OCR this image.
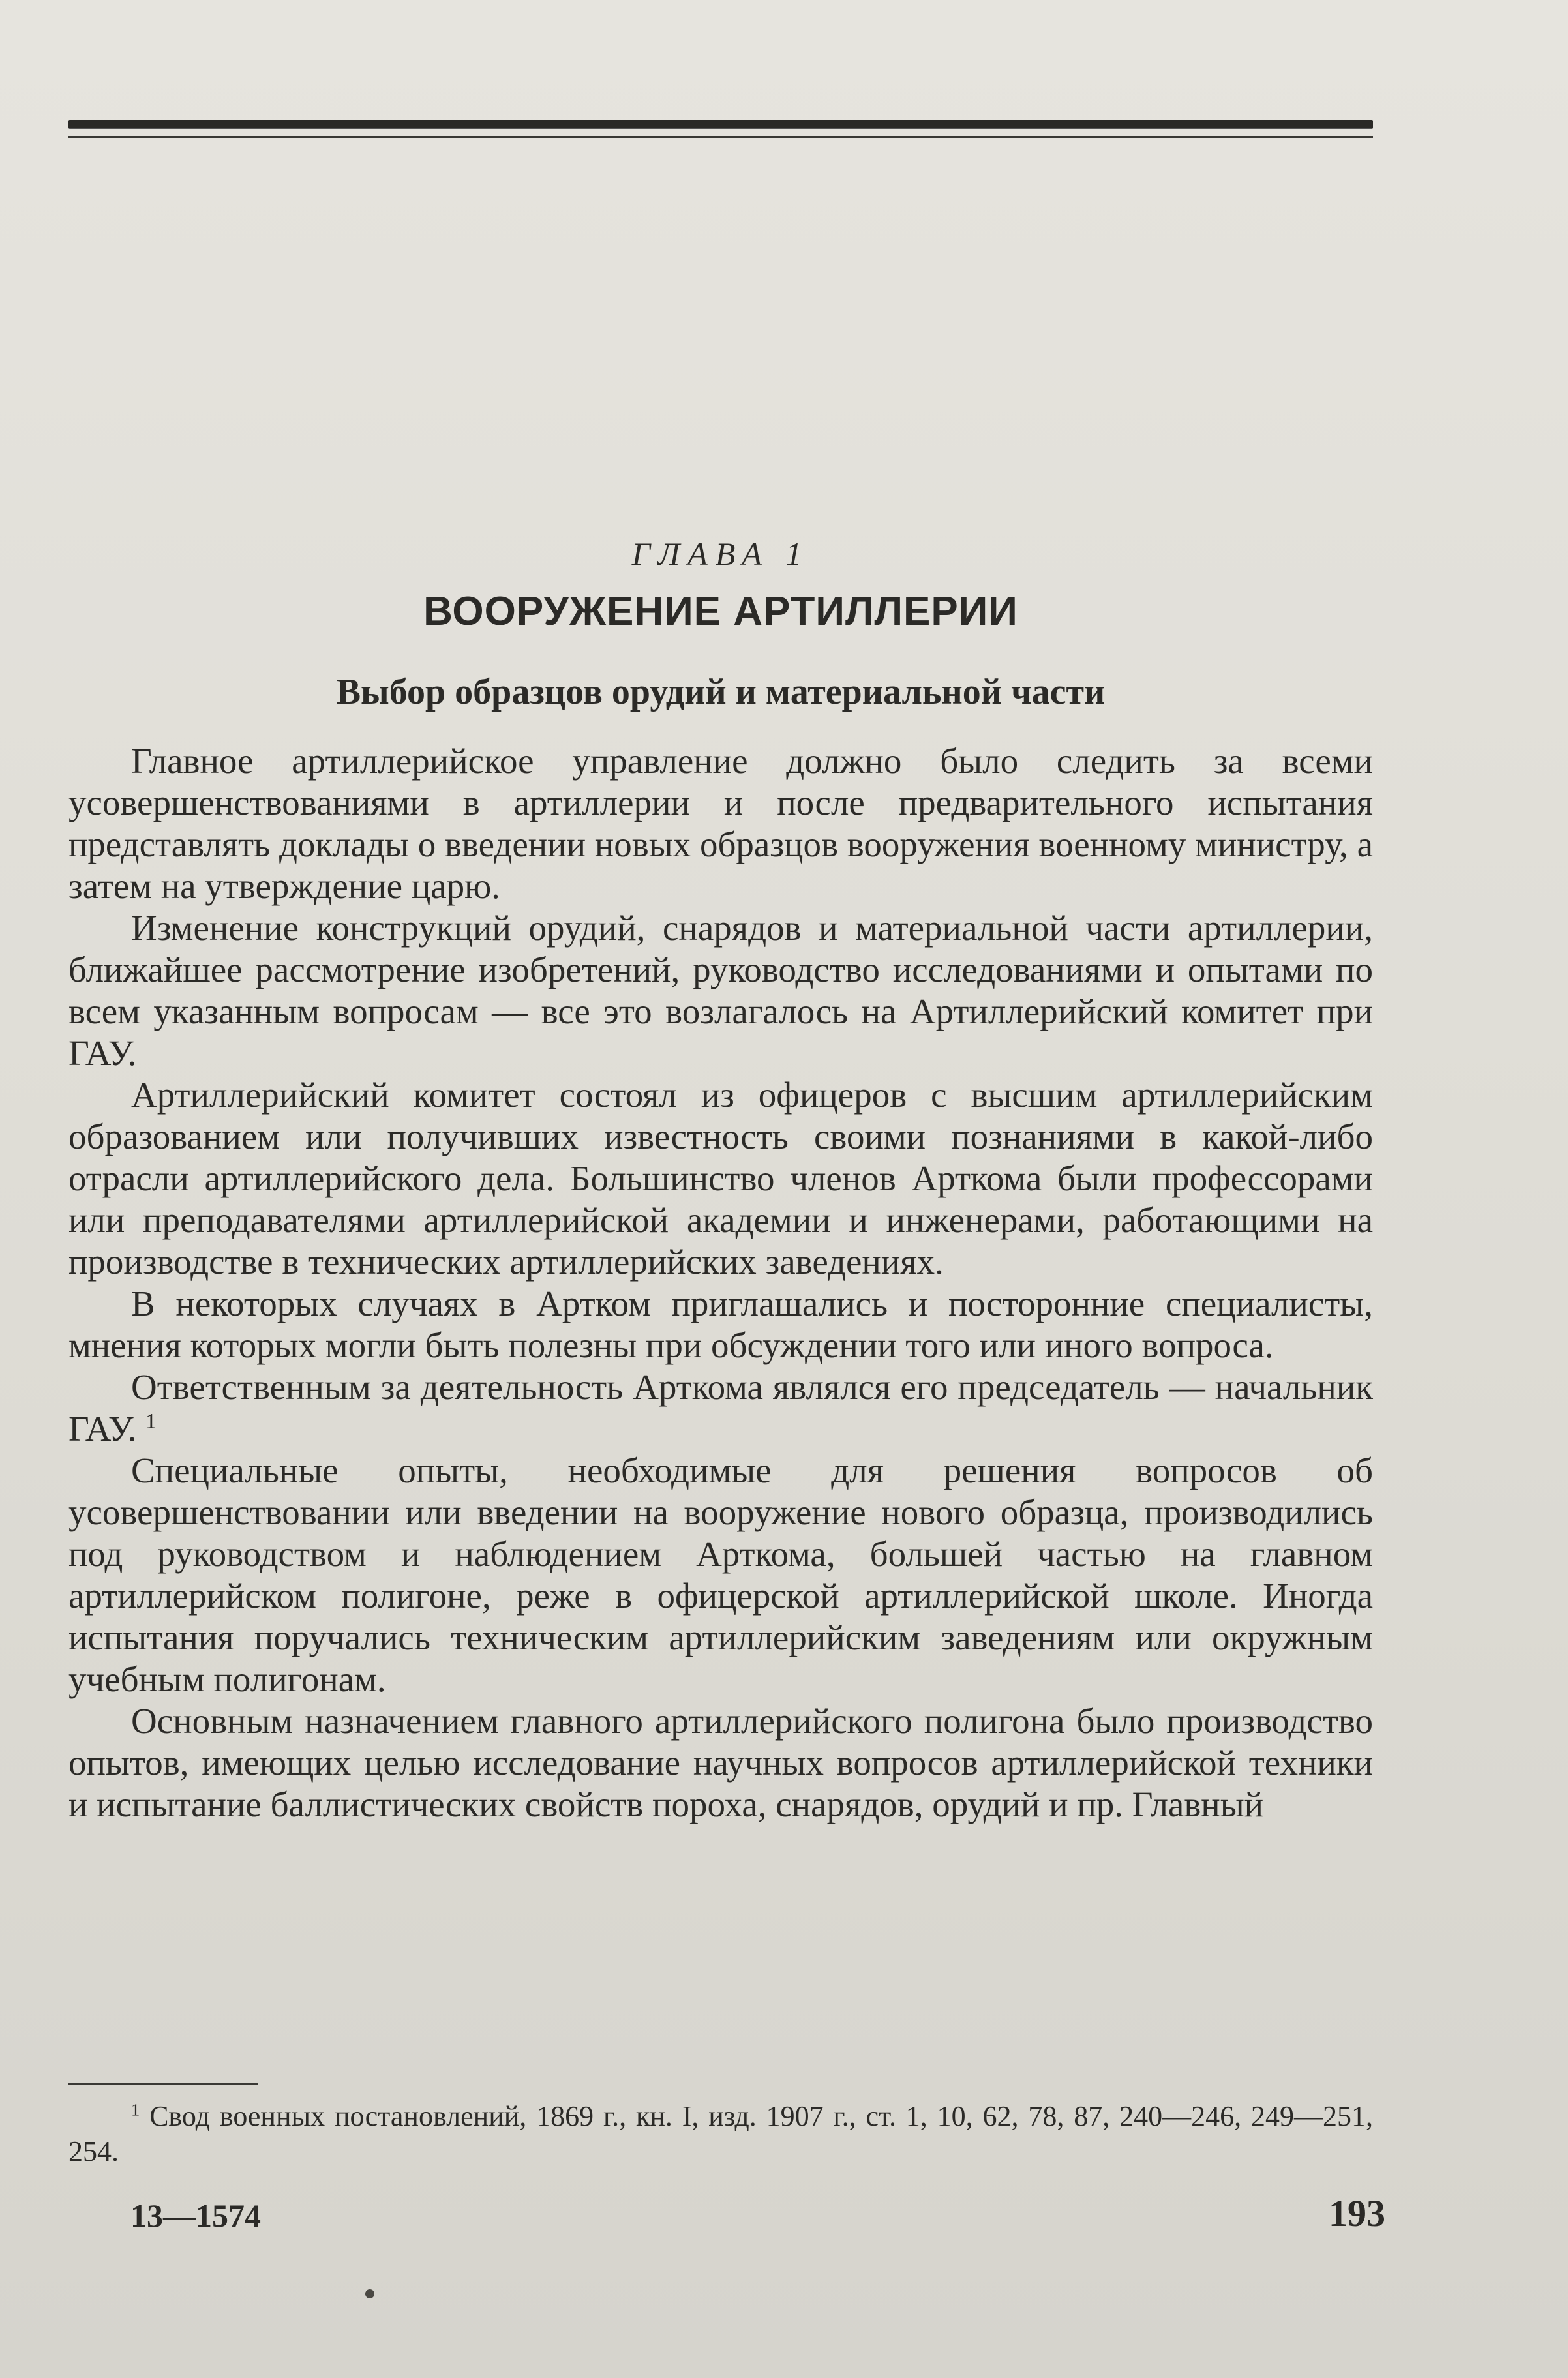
ГЛАВА 1
ВООРУЖЕНИЕ АРТИЛЛЕРИИ
Выбор образцов орудий и материальной части

Главное артиллерийское управление должно было следить за всеми усовершенствованиями в артиллерии и после предварительного испытания представлять доклады о введении новых образцов вооружения военному министру, а затем на утверждение царю.

Изменение конструкций орудий, снарядов и материальной части артиллерии, ближайшее рассмотрение изобретений, руководство исследованиями и опытами по всем указанным вопросам — все это возлагалось на Артиллерийский комитет при ГАУ.

Артиллерийский комитет состоял из офицеров с высшим артиллерийским образованием или получивших известность своими познаниями в какой-либо отрасли артиллерийского дела. Большинство членов Арткома были профессорами или преподавателями артиллерийской академии и инженерами, работающими на производстве в технических артиллерийских заведениях.

В некоторых случаях в Артком приглашались и посторонние специалисты, мнения которых могли быть полезны при обсуждении того или иного вопроса.

Ответственным за деятельность Арткома являлся его председатель — начальник ГАУ. $^1$

Специальные опыты, необходимые для решения вопросов об усовершенствовании или введении на вооружение нового образца, производились под руководством и наблюдением Арткома, большей частью на главном артиллерийском полигоне, реже в офицерской артиллерийской школе. Иногда испытания поручались техническим артиллерийским заведениям или окружным учебным полигонам.

Основным назначением главного артиллерийского полигона было производство опытов, имеющих целью исследование научных вопросов артиллерийской техники и испытание баллистических свойств пороха, снарядов, орудий и пр. Главный

$^1$ Свод военных постановлений, 1869 г., кн. I, изд. 1907 г., ст. 1, 10, 62, 78, 87, 240—246, 249—251, 254.
13—1574	193
